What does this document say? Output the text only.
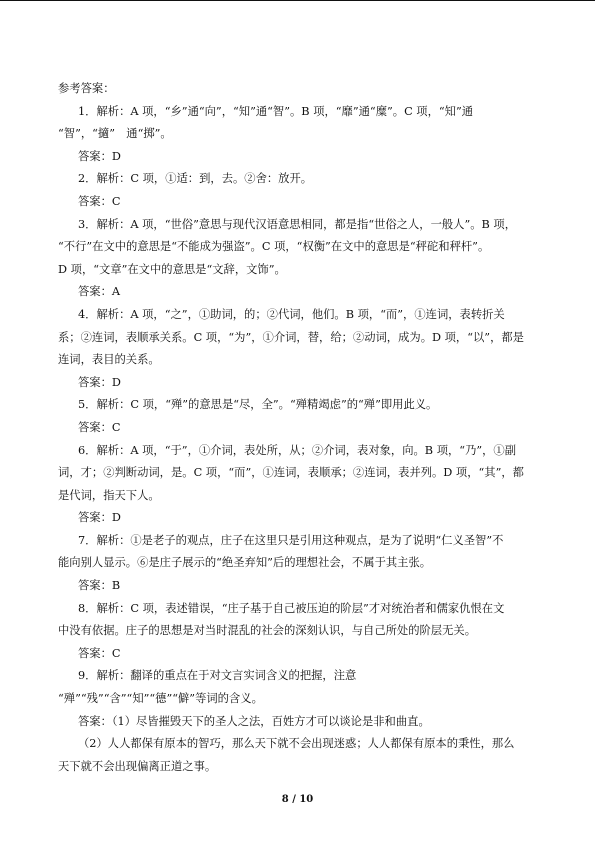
参考答案：
1．解析：A 项，“乡”通“向”，“知”通“智”。B 项，“靡”通“糜”。C 项，“知”通
“智”，“擿”　通“掷”。
答案：D
2．解析：C 项，①适：到，去。②舍：放开。
答案：C
3．解析：A 项，“世俗”意思与现代汉语意思相同，都是指“世俗之人，一般人”。B 项，
“不行”在文中的意思是“不能成为强盗”。C 项，“权衡”在文中的意思是“秤砣和秤杆”。
D 项，“文章”在文中的意思是“文辞，文饰”。
答案：A
4．解析：A 项，“之”，①助词，的；②代词，他们。B 项，“而”，①连词，表转折关
系；②连词，表顺承关系。C 项，“为”，①介词，替，给；②动词，成为。D 项，“以”，都是
连词，表目的关系。
答案：D
5．解析：C 项，“殚”的意思是“尽，全”。“殚精竭虑”的“殚”即用此义。
答案：C
6．解析：A 项，“于”，①介词，表处所，从；②介词，表对象，向。B 项，“乃”，①副
词，才；②判断动词，是。C 项，“而”，①连词，表顺承；②连词，表并列。D 项，“其”，都
是代词，指天下人。
答案：D
7．解析：①是老子的观点，庄子在这里只是引用这种观点，是为了说明“仁义圣智”不
能向别人显示。⑥是庄子展示的“绝圣弃知”后的理想社会，不属于其主张。
答案：B
8．解析：C 项，表述错误，“庄子基于自己被压迫的阶层”才对统治者和儒家仇恨在文
中没有依据。庄子的思想是对当时混乱的社会的深刻认识，与自己所处的阶层无关。
答案：C
9．解析：翻译的重点在于对文言实词含义的把握，注意
“殚”“残”“含”“知”“德”“僻”等词的含义。
答案：（1）尽皆摧毁天下的圣人之法，百姓方才可以谈论是非和曲直。
（2）人人都保有原本的智巧，那么天下就不会出现迷惑；人人都保有原本的秉性，那么
天下就不会出现偏离正道之事。
8 / 10
